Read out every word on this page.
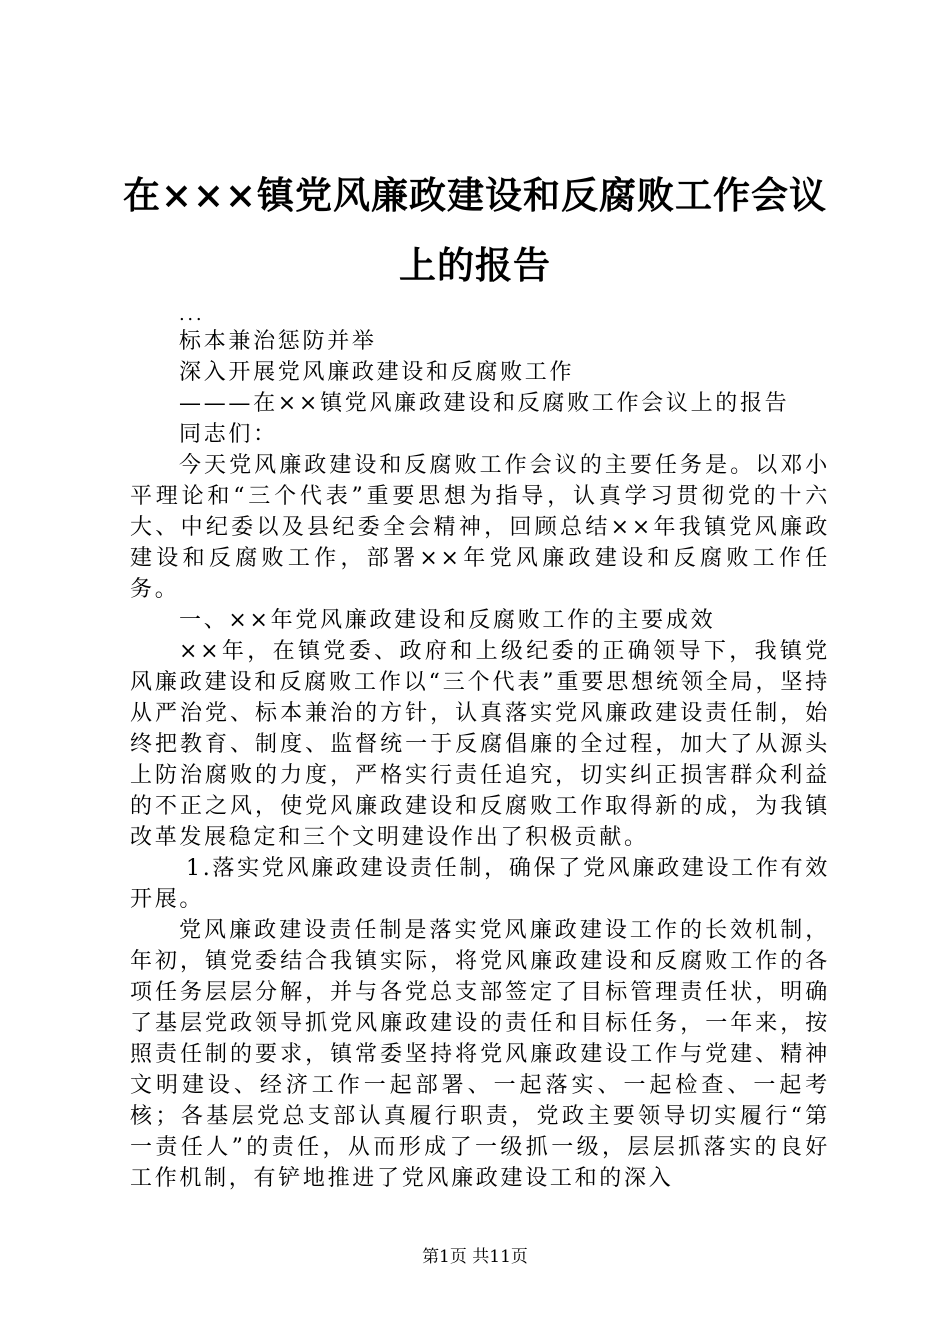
在×××镇党风廉政建设和反腐败工作会议上的报告

...

标本兼治惩防并举

深入开展党风廉政建设和反腐败工作

———在××镇党风廉政建设和反腐败工作会议上的报告

同志们：

今天党风廉政建设和反腐败工作会议的主要任务是。以邓小平理论和“三个代表”重要思想为指导，认真学习贯彻党的十六大、中纪委以及县纪委全会精神，回顾总结××年我镇党风廉政建设和反腐败工作，部署××年党风廉政建设和反腐败工作任务。

一、××年党风廉政建设和反腐败工作的主要成效

××年，在镇党委、政府和上级纪委的正确领导下，我镇党风廉政建设和反腐败工作以“三个代表”重要思想统领全局，坚持从严治党、标本兼治的方针，认真落实党风廉政建设责任制，始终把教育、制度、监督统一于反腐倡廉的全过程，加大了从源头上防治腐败的力度，严格实行责任追究，切实纠正损害群众利益的不正之风，使党风廉政建设和反腐败工作取得新的成，为我镇改革发展稳定和三个文明建设作出了积极贡献。

1.落实党风廉政建设责任制，确保了党风廉政建设工作有效开展。

党风廉政建设责任制是落实党风廉政建设工作的长效机制，年初，镇党委结合我镇实际，将党风廉政建设和反腐败工作的各项任务层层分解，并与各党总支部签定了目标管理责任状，明确了基层党政领导抓党风廉政建设的责任和目标任务，一年来，按照责任制的要求，镇常委坚持将党风廉政建设工作与党建、精神文明建设、经济工作一起部署、一起落实、一起检查、一起考核；各基层党总支部认真履行职责，党政主要领导切实履行“第一责任人”的责任，从而形成了一级抓一级，层层抓落实的良好工作机制，有铲地推进了党风廉政建设工和的深入

第1页 共11页
